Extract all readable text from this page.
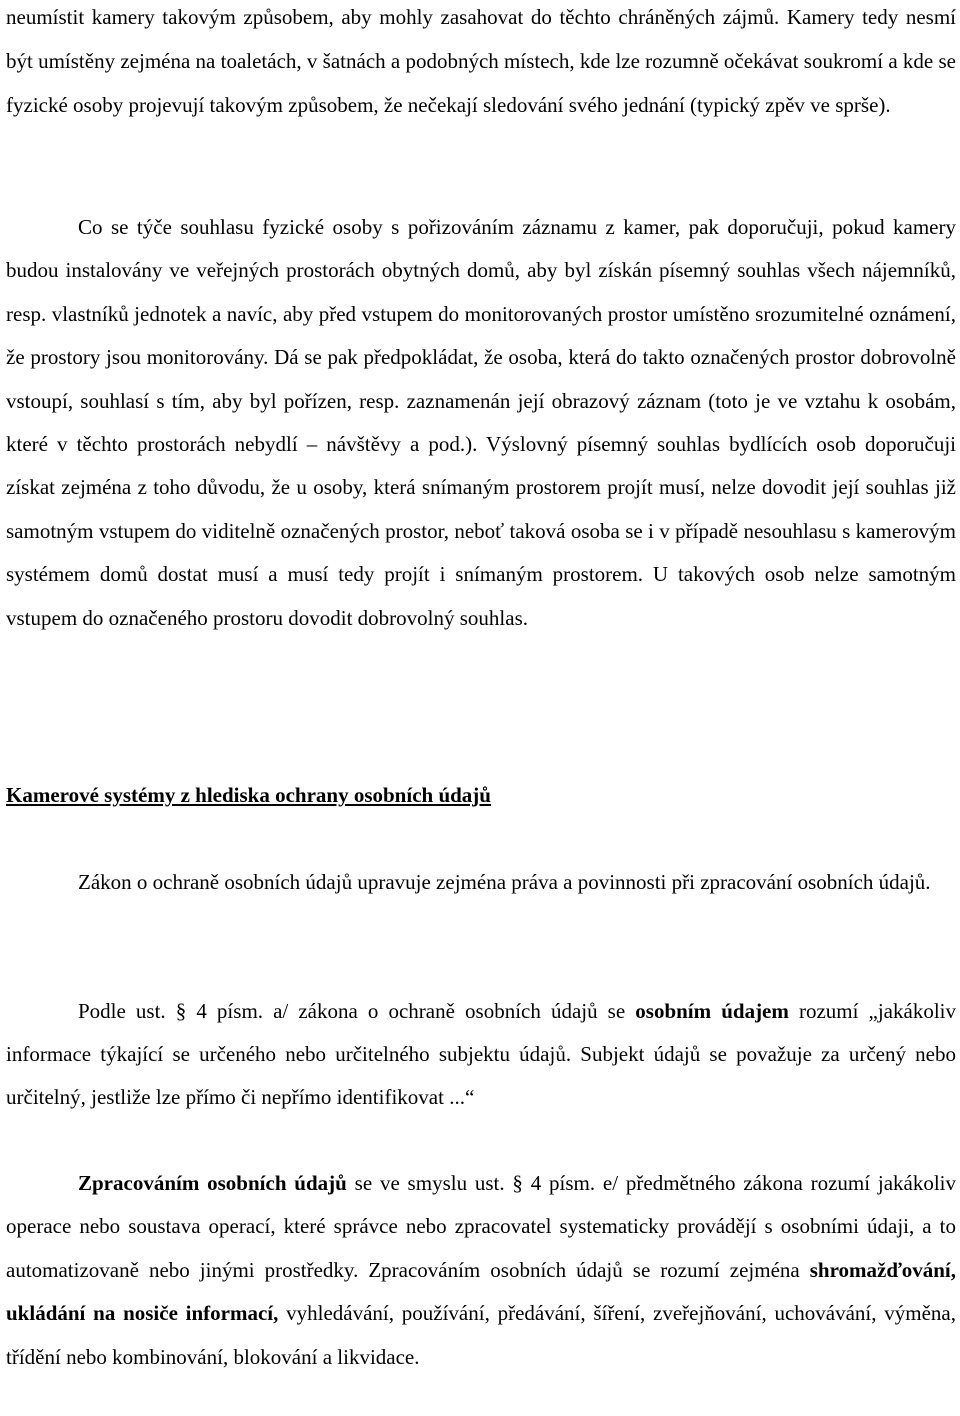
neumístit kamery takovým způsobem, aby mohly zasahovat do těchto chráněných zájmů. Kamery tedy nesmí být umístěny zejména na toaletách, v šatnách a podobných místech, kde lze rozumně očekávat soukromí a kde se fyzické osoby projevují takovým způsobem, že nečekají sledování svého jednání (typický zpěv ve sprše).

Co se týče souhlasu fyzické osoby s pořizováním záznamu z kamer, pak doporučuji, pokud kamery budou instalovány ve veřejných prostorách obytných domů, aby byl získán písemný souhlas všech nájemníků, resp. vlastníků jednotek a navíc, aby před vstupem do monitorovaných prostor umístěno srozumitelné oznámení, že prostory jsou monitorovány. Dá se pak předpokládat, že osoba, která do takto označených prostor dobrovolně vstoupí, souhlasí s tím, aby byl pořízen, resp. zaznamenán její obrazový záznam (toto je ve vztahu k osobám, které v těchto prostorách nebydlí – návštěvy a pod.). Výslovný písemný souhlas bydlících osob doporučuji získat zejména z toho důvodu, že u osoby, která snímaným prostorem projít musí, nelze dovodit její souhlas již samotným vstupem do viditelně označených prostor, neboť taková osoba se i v případě nesouhlasu s kamerovým systémem domů dostat musí a musí tedy projít i snímaným prostorem. U takových osob nelze samotným vstupem do označeného prostoru dovodit dobrovolný souhlas.

Kamerové systémy z hlediska ochrany osobních údajů

Zákon o ochraně osobních údajů upravuje zejména práva a povinnosti při zpracování osobních údajů.

Podle ust. § 4 písm. a/ zákona o ochraně osobních údajů se osobním údajem rozumí „jakákoliv informace týkající se určeného nebo určitelného subjektu údajů. Subjekt údajů se považuje za určený nebo určitelný, jestliže lze přímo či nepřímo identifikovat ...“

Zpracováním osobních údajů se ve smyslu ust. § 4 písm. e/ předmětného zákona rozumí jakákoliv operace nebo soustava operací, které správce nebo zpracovatel systematicky provádějí s osobními údaji, a to automatizovaně nebo jinými prostředky. Zpracováním osobních údajů se rozumí zejména shromažďování, ukládání na nosiče informací, vyhledávání, používání, předávání, šíření, zveřejňování, uchovávání, výměna, třídění nebo kombinování, blokování a likvidace.
